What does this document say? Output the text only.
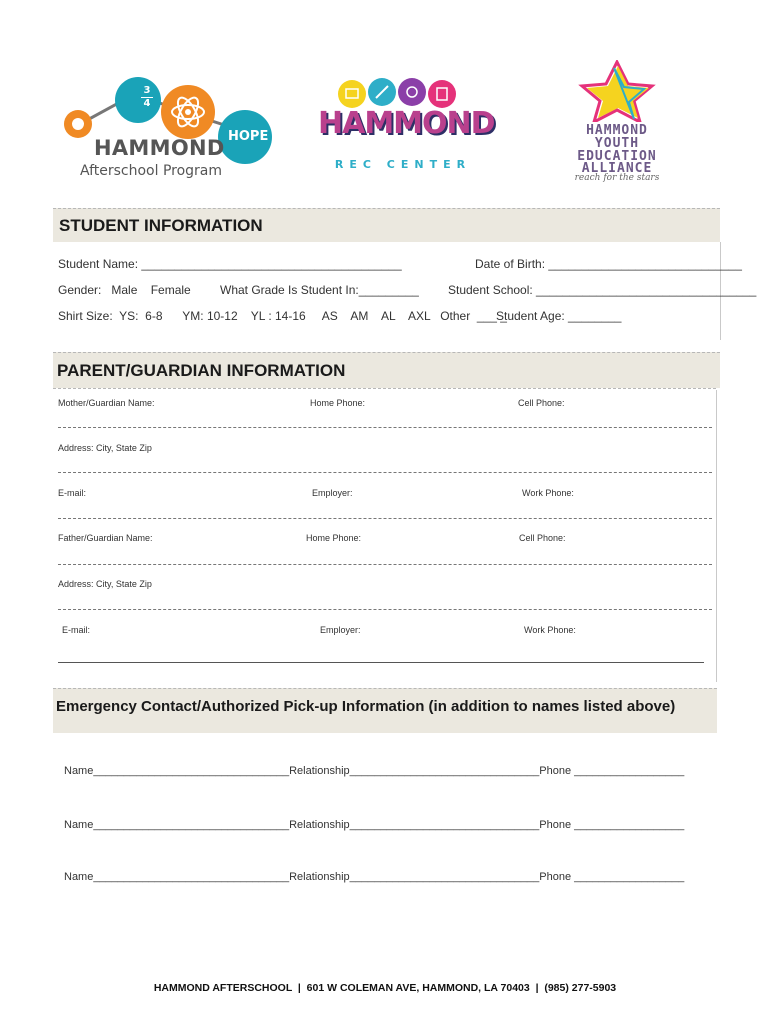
3
4
HOPE
HAMMOND
Afterschool Program
HAMMOND
REC CENTER
HAMMOND
YOUTH
EDUCATION
ALLIANCE
reach for the stars
STUDENT INFORMATION
Student Name: _______________________________________	Date of Birth: _____________________________
Gender:   Male    Female What Grade Is Student In:_________ Student School: _________________________________
Shirt Size:  YS:  6-8      YM: 10-12    YL : 14-16     AS    AM    AL    AXL   Other  ___ _
Student Age: ________
PARENT/GUARDIAN INFORMATION
Mother/Guardian Name:	Home Phone:	Cell Phone:
Address: City, State Zip
E-mail:	Employer:	Work Phone:
Father/Guardian Name:	Home Phone:	Cell Phone:
Address: City, State Zip
E-mail:	Employer:	Work Phone:
Emergency Contact/Authorized Pick-up Information (in addition to names listed above)
Name________________________________Relationship_______________________________Phone __________________
Name________________________________Relationship_______________________________Phone __________________
Name________________________________Relationship_______________________________Phone __________________
HAMMOND AFTERSCHOOL  |  601 W COLEMAN AVE, HAMMOND, LA 70403  |  (985) 277-5903
